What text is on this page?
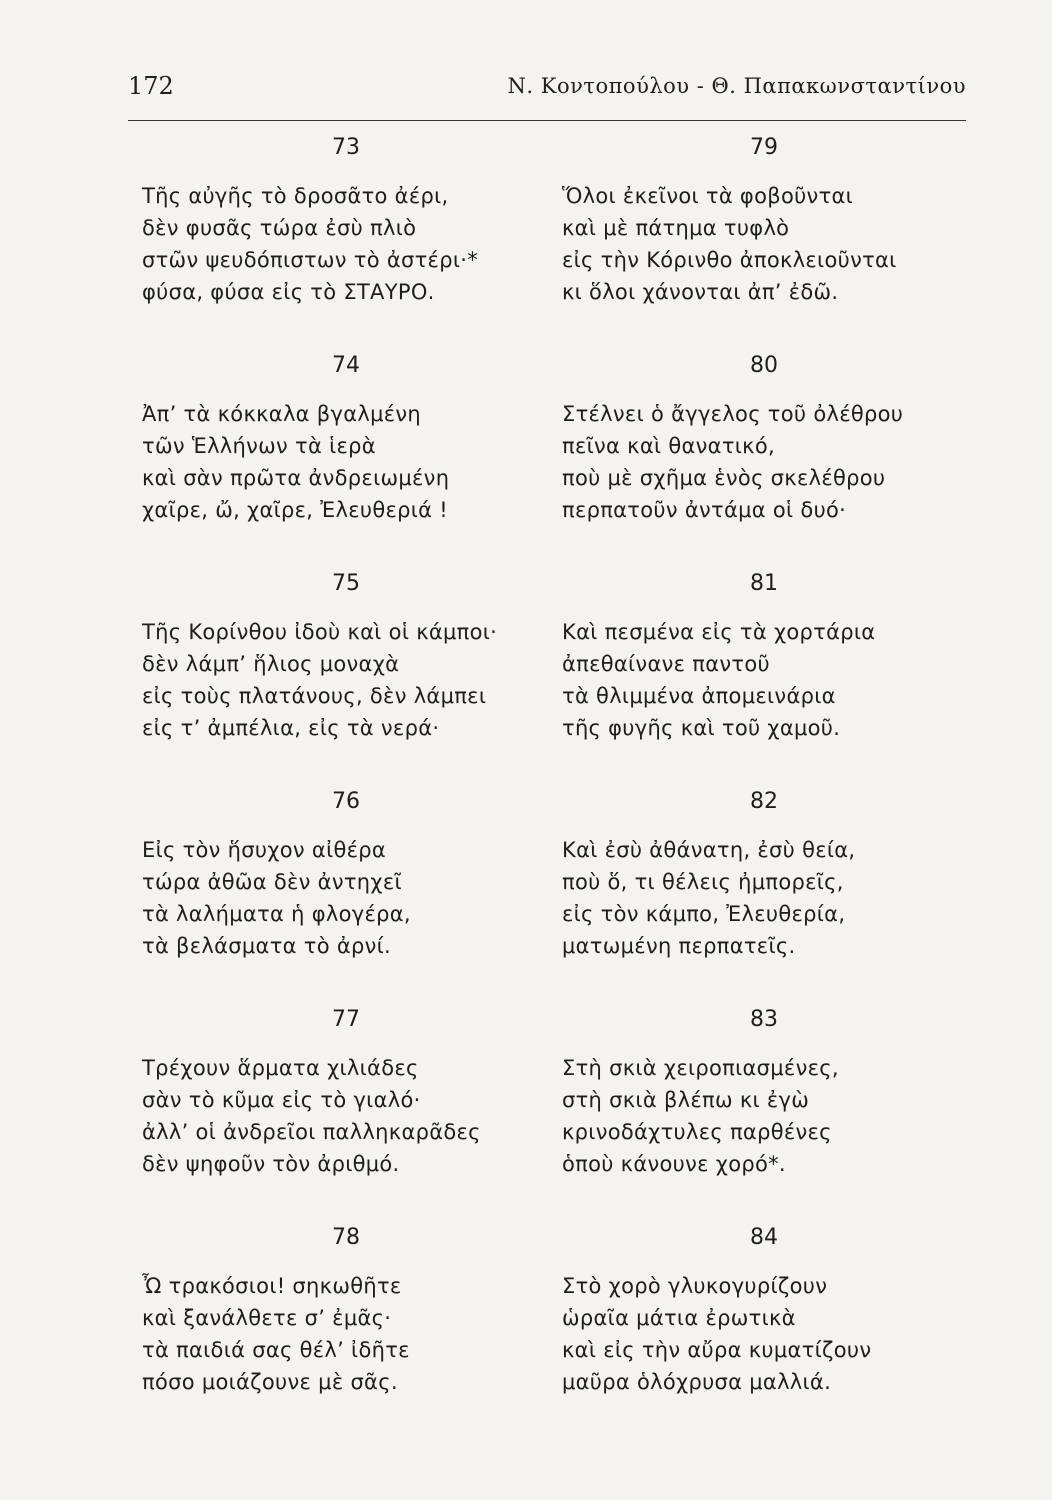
172	Ν. Κοντοπούλου - Θ. Παπακωνσταντίνου
73
Τῆς αὐγῆς τὸ δροσᾶτο ἀέρι,
δὲν φυσᾶς τώρα ἐσὺ πλιὸ
στῶν ψευδόπιστων τὸ ἀστέρι·*
φύσα, φύσα εἰς τὸ ΣΤΑΥΡΟ.
74
Ἀπ’ τὰ κόκκαλα βγαλμένη
τῶν Ἑλλήνων τὰ ἱερὰ
καὶ σὰν πρῶτα ἀνδρειωμένη
χαῖρε, ὤ, χαῖρε, Ἐλευθεριά !
75
Τῆς Κορίνθου ἰδοὺ καὶ οἱ κάμποι·
δὲν λάμπ’ ἥλιος μοναχὰ
εἰς τοὺς πλατάνους, δὲν λάμπει
εἰς τ’ ἀμπέλια, εἰς τὰ νερά·
76
Εἰς τὸν ἥσυχον αἰθέρα
τώρα ἀθῶα δὲν ἀντηχεῖ
τὰ λαλήματα ἡ φλογέρα,
τὰ βελάσματα τὸ ἀρνί.
77
Τρέχουν ἅρματα χιλιάδες
σὰν τὸ κῦμα εἰς τὸ γιαλό·
ἀλλ’ οἱ ἀνδρεῖοι παλληκαρᾶδες
δὲν ψηφοῦν τὸν ἀριθμό.
78
Ὦ τρακόσιοι! σηκωθῆτε
καὶ ξανάλθετε σ’ ἐμᾶς·
τὰ παιδιά σας θέλ’ ἰδῆτε
πόσο μοιάζουνε μὲ σᾶς.
79
Ὅλοι ἐκεῖνοι τὰ φοβοῦνται
καὶ μὲ πάτημα τυφλὸ
εἰς τὴν Κόρινθο ἀποκλειοῦνται
κι ὅλοι χάνονται ἀπ’ ἐδῶ.
80
Στέλνει ὁ ἄγγελος τοῦ ὀλέθρου
πεῖνα καὶ θανατικό,
ποὺ μὲ σχῆμα ἑνὸς σκελέθρου
περπατοῦν ἀντάμα οἱ δυό·
81
Καὶ πεσμένα εἰς τὰ χορτάρια
ἀπεθαίνανε παντοῦ
τὰ θλιμμένα ἀπομεινάρια
τῆς φυγῆς καὶ τοῦ χαμοῦ.
82
Καὶ ἐσὺ ἀθάνατη, ἐσὺ θεία,
ποὺ ὅ, τι θέλεις ἠμπορεῖς,
εἰς τὸν κάμπο, Ἐλευθερία,
ματωμένη περπατεῖς.
83
Στὴ σκιὰ χειροπιασμένες,
στὴ σκιὰ βλέπω κι ἐγὼ
κρινοδάχτυλες παρθένες
ὁποὺ κάνουνε χορό*.
84
Στὸ χορὸ γλυκογυρίζουν
ὡραῖα μάτια ἐρωτικὰ
καὶ εἰς τὴν αὔρα κυματίζουν
μαῦρα ὁλόχρυσα μαλλιά.
